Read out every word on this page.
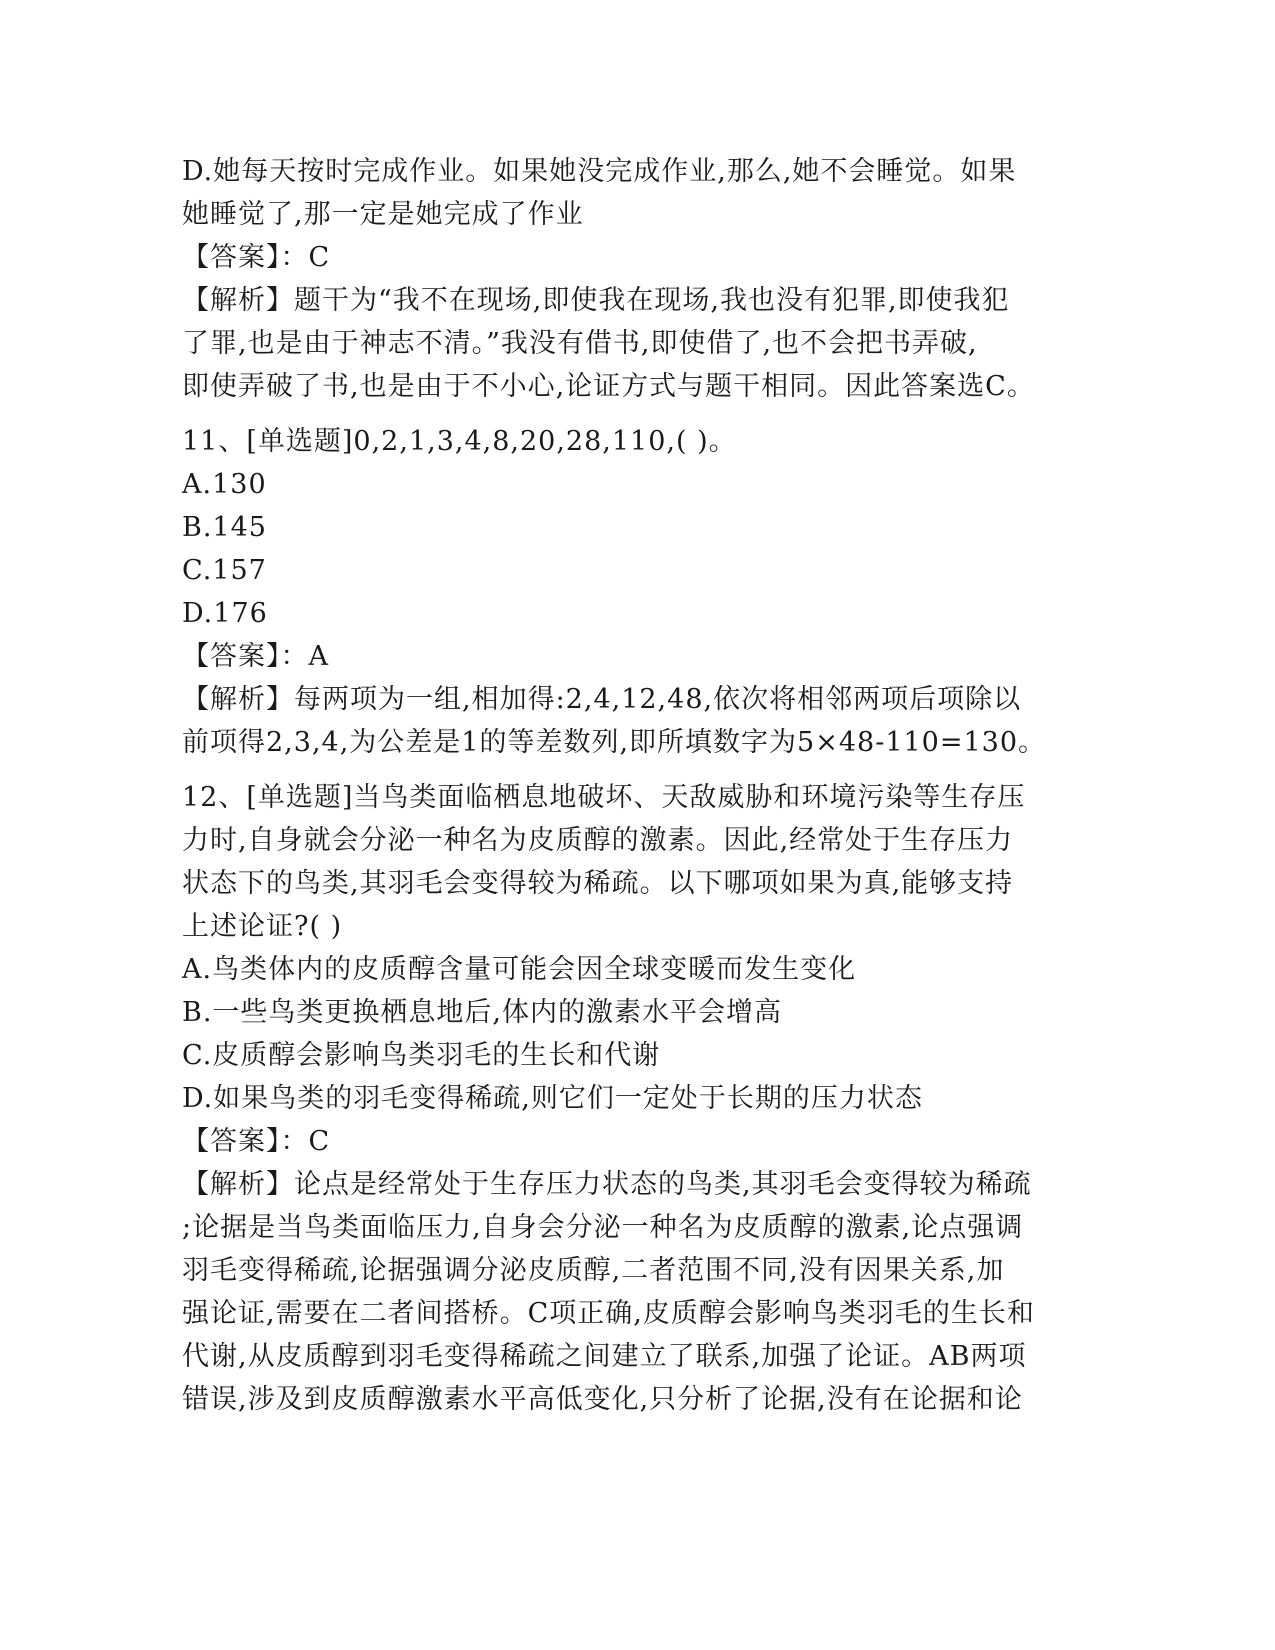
D.她每天按时完成作业。如果她没完成作业,那么,她不会睡觉。如果
她睡觉了,那一定是她完成了作业
【答案】：C
【解析】题干为“我不在现场,即使我在现场,我也没有犯罪,即使我犯
了罪,也是由于神志不清。”我没有借书,即使借了,也不会把书弄破,
即使弄破了书,也是由于不小心,论证方式与题干相同。因此答案选C。
11、[单选题]0,2,1,3,4,8,20,28,110,( )。
A.130
B.145
C.157
D.176
【答案】：A
【解析】每两项为一组,相加得:2,4,12,48,依次将相邻两项后项除以
前项得2,3,4,为公差是1的等差数列,即所填数字为5×48-110=130。
12、[单选题]当鸟类面临栖息地破坏、天敌威胁和环境污染等生存压
力时,自身就会分泌一种名为皮质醇的激素。因此,经常处于生存压力
状态下的鸟类,其羽毛会变得较为稀疏。以下哪项如果为真,能够支持
上述论证?( )
A.鸟类体内的皮质醇含量可能会因全球变暖而发生变化
B.一些鸟类更换栖息地后,体内的激素水平会增高
C.皮质醇会影响鸟类羽毛的生长和代谢
D.如果鸟类的羽毛变得稀疏,则它们一定处于长期的压力状态
【答案】：C
【解析】论点是经常处于生存压力状态的鸟类,其羽毛会变得较为稀疏
;论据是当鸟类面临压力,自身会分泌一种名为皮质醇的激素,论点强调
羽毛变得稀疏,论据强调分泌皮质醇,二者范围不同,没有因果关系,加
强论证,需要在二者间搭桥。C项正确,皮质醇会影响鸟类羽毛的生长和
代谢,从皮质醇到羽毛变得稀疏之间建立了联系,加强了论证。AB两项
错误,涉及到皮质醇激素水平高低变化,只分析了论据,没有在论据和论
